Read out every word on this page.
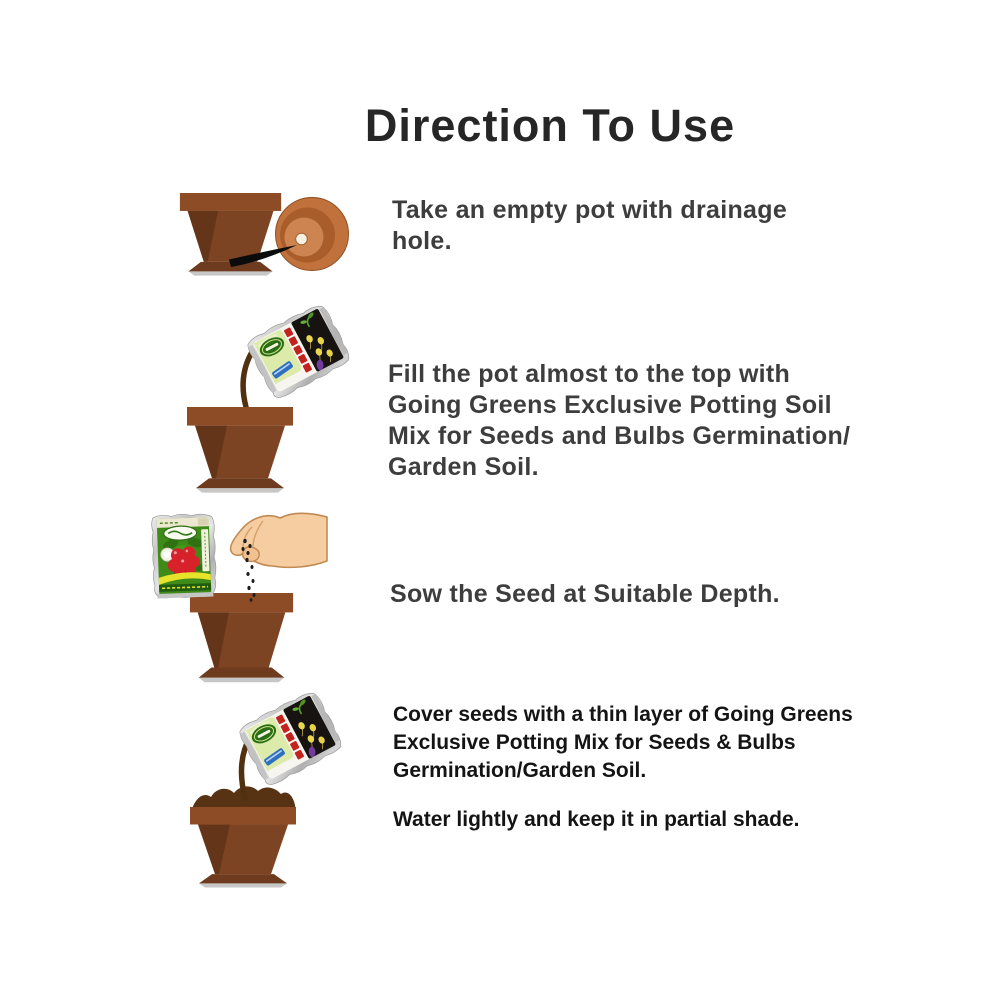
Direction To Use
Take an empty pot with drainage
hole.
Fill the pot almost to the top with
Going Greens Exclusive Potting Soil
Mix for Seeds and Bulbs Germination/
Garden Soil.
Sow the Seed at Suitable Depth.
Cover seeds with a thin layer of Going Greens
Exclusive Potting Mix for Seeds & Bulbs
Germination/Garden Soil.
Water lightly and keep it in partial shade.
